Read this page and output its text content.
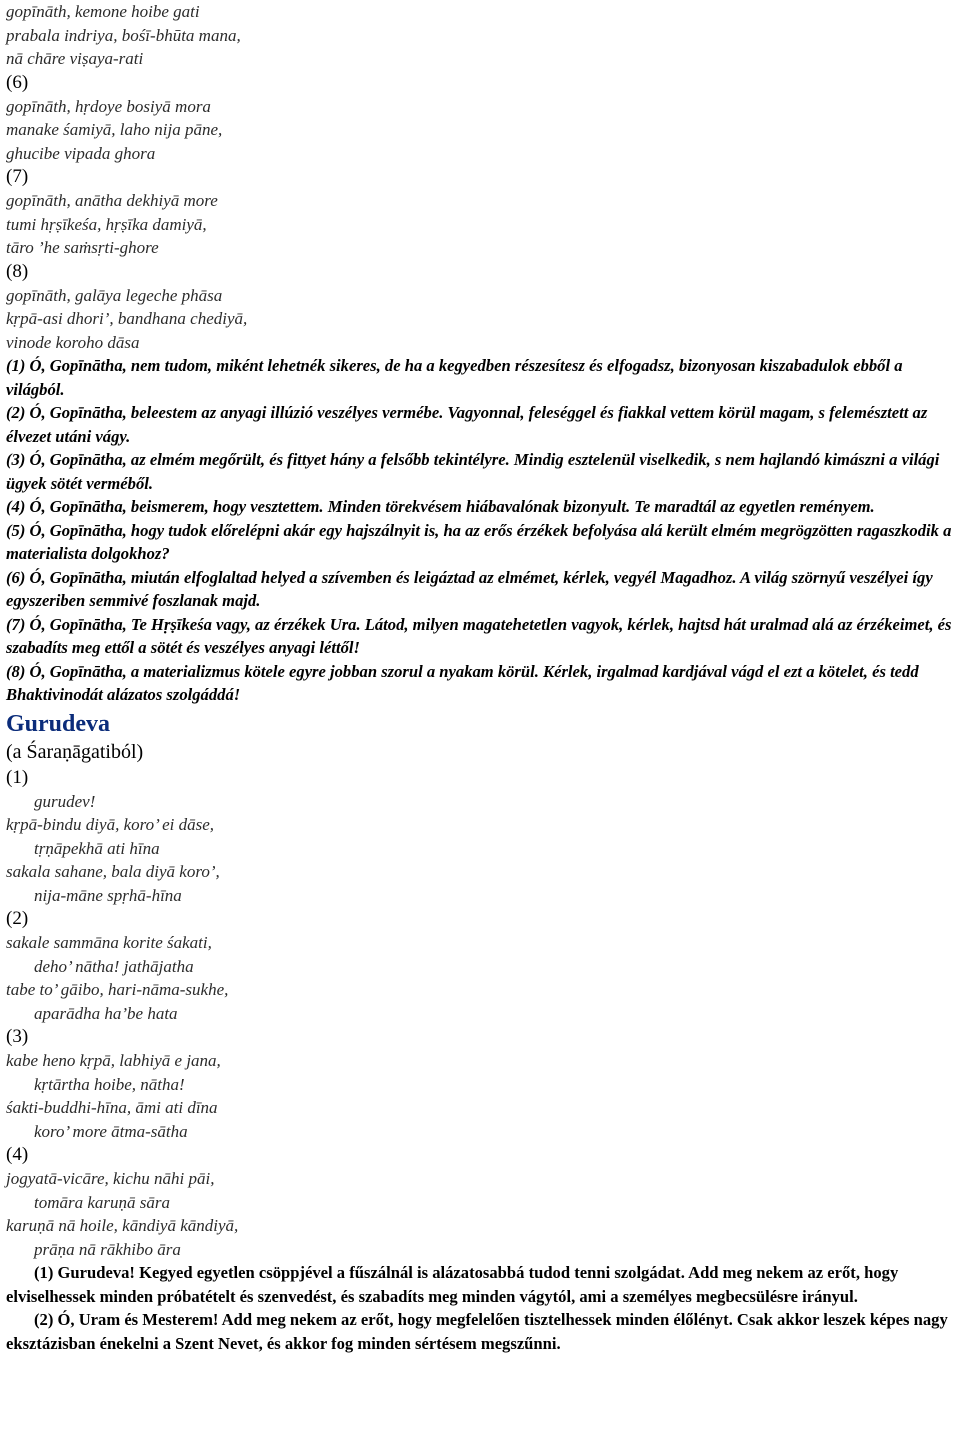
gopīnāth, kemone hoibe gati
prabala indriya, bośī-bhūta mana,
nā chāre viṣaya-rati
(6)
gopīnāth, hṛdoye bosiyā mora
manake śamiyā, laho nija pāne,
ghucibe vipada ghora
(7)
gopīnāth, anātha dekhiyā more
tumi hṛṣīkeśa, hṛṣīka damiyā,
tāro ’he saṁsṛti-ghore
(8)
gopīnāth, galāya legeche phāsa
kṛpā-asi dhori’, bandhana chediyā,
vinode koroho dāsa
(1) Ó, Gopīnātha, nem tudom, miként lehetnék sikeres, de ha a kegyedben részesítesz és elfogadsz, bizonyosan kiszabadulok ebből a világból.
(2) Ó, Gopīnātha, beleestem az anyagi illúzió veszélyes vermébe. Vagyonnal, feleséggel és fiakkal vettem körül magam, s felemésztett az élvezet utáni vágy.
(3) Ó, Gopīnātha, az elmém megőrült, és fittyet hány a felsőbb tekintélyre. Mindig esztelenül viselkedik, s nem hajlandó kimászni a világi ügyek sötét verméből.
(4) Ó, Gopīnātha, beismerem, hogy vesztettem. Minden törekvésem hiábavalónak bizonyult. Te maradtál az egyetlen reményem.
(5) Ó, Gopīnātha, hogy tudok előrelépni akár egy hajszálnyit is, ha az erős érzékek befolyása alá került elmém megrögzötten ragaszkodik a materialista dolgokhoz?
(6) Ó, Gopīnātha, miután elfoglaltad helyed a szívemben és leigáztad az elmémet, kérlek, vegyél Magadhoz. A világ szörnyű veszélyei így egyszeriben semmivé foszlanak majd.
(7) Ó, Gopīnātha, Te Hṛṣīkeśa vagy, az érzékek Ura. Látod, milyen magatehetetlen vagyok, kérlek, hajtsd hát uralmad alá az érzékeimet, és szabadíts meg ettől a sötét és veszélyes anyagi léttől!
(8) Ó, Gopīnātha, a materializmus kötele egyre jobban szorul a nyakam körül. Kérlek, irgalmad kardjával vágd el ezt a kötelet, és tedd Bhaktivinodát alázatos szolgáddá!
Gurudeva
(a Śaraṇāgatiból)
(1)
gurudev!
kṛpā-bindu diyā, koro’ ei dāse,
tṛṇāpekhā ati hīna
sakala sahane, bala diyā koro’,
nija-māne spṛhā-hīna
(2)
sakale sammāna korite śakati,
deho’ nātha! jathājatha
tabe to’ gāibo, hari-nāma-sukhe,
aparādha ha’be hata
(3)
kabe heno kṛpā, labhiyā e jana,
kṛtārtha hoibe, nātha!
śakti-buddhi-hīna, āmi ati dīna
koro’ more ātma-sātha
(4)
jogyatā-vicāre, kichu nāhi pāi,
tomāra karuṇā sāra
karuṇā nā hoile, kāndiyā kāndiyā,
prāṇa nā rākhibo āra
(1) Gurudeva! Kegyed egyetlen csöppjével a fűszálnál is alázatosabbá tudod tenni szolgádat. Add meg nekem az erőt, hogy elviselhessek minden próbatételt és szenvedést, és szabadíts meg minden vágytól, ami a személyes megbecsülésre irányul.
(2) Ó, Uram és Mesterem! Add meg nekem az erőt, hogy megfelelően tisztelhessek minden élőlényt. Csak akkor leszek képes nagy eksztázisban énekelni a Szent Nevet, és akkor fog minden sértésem megszűnni.
